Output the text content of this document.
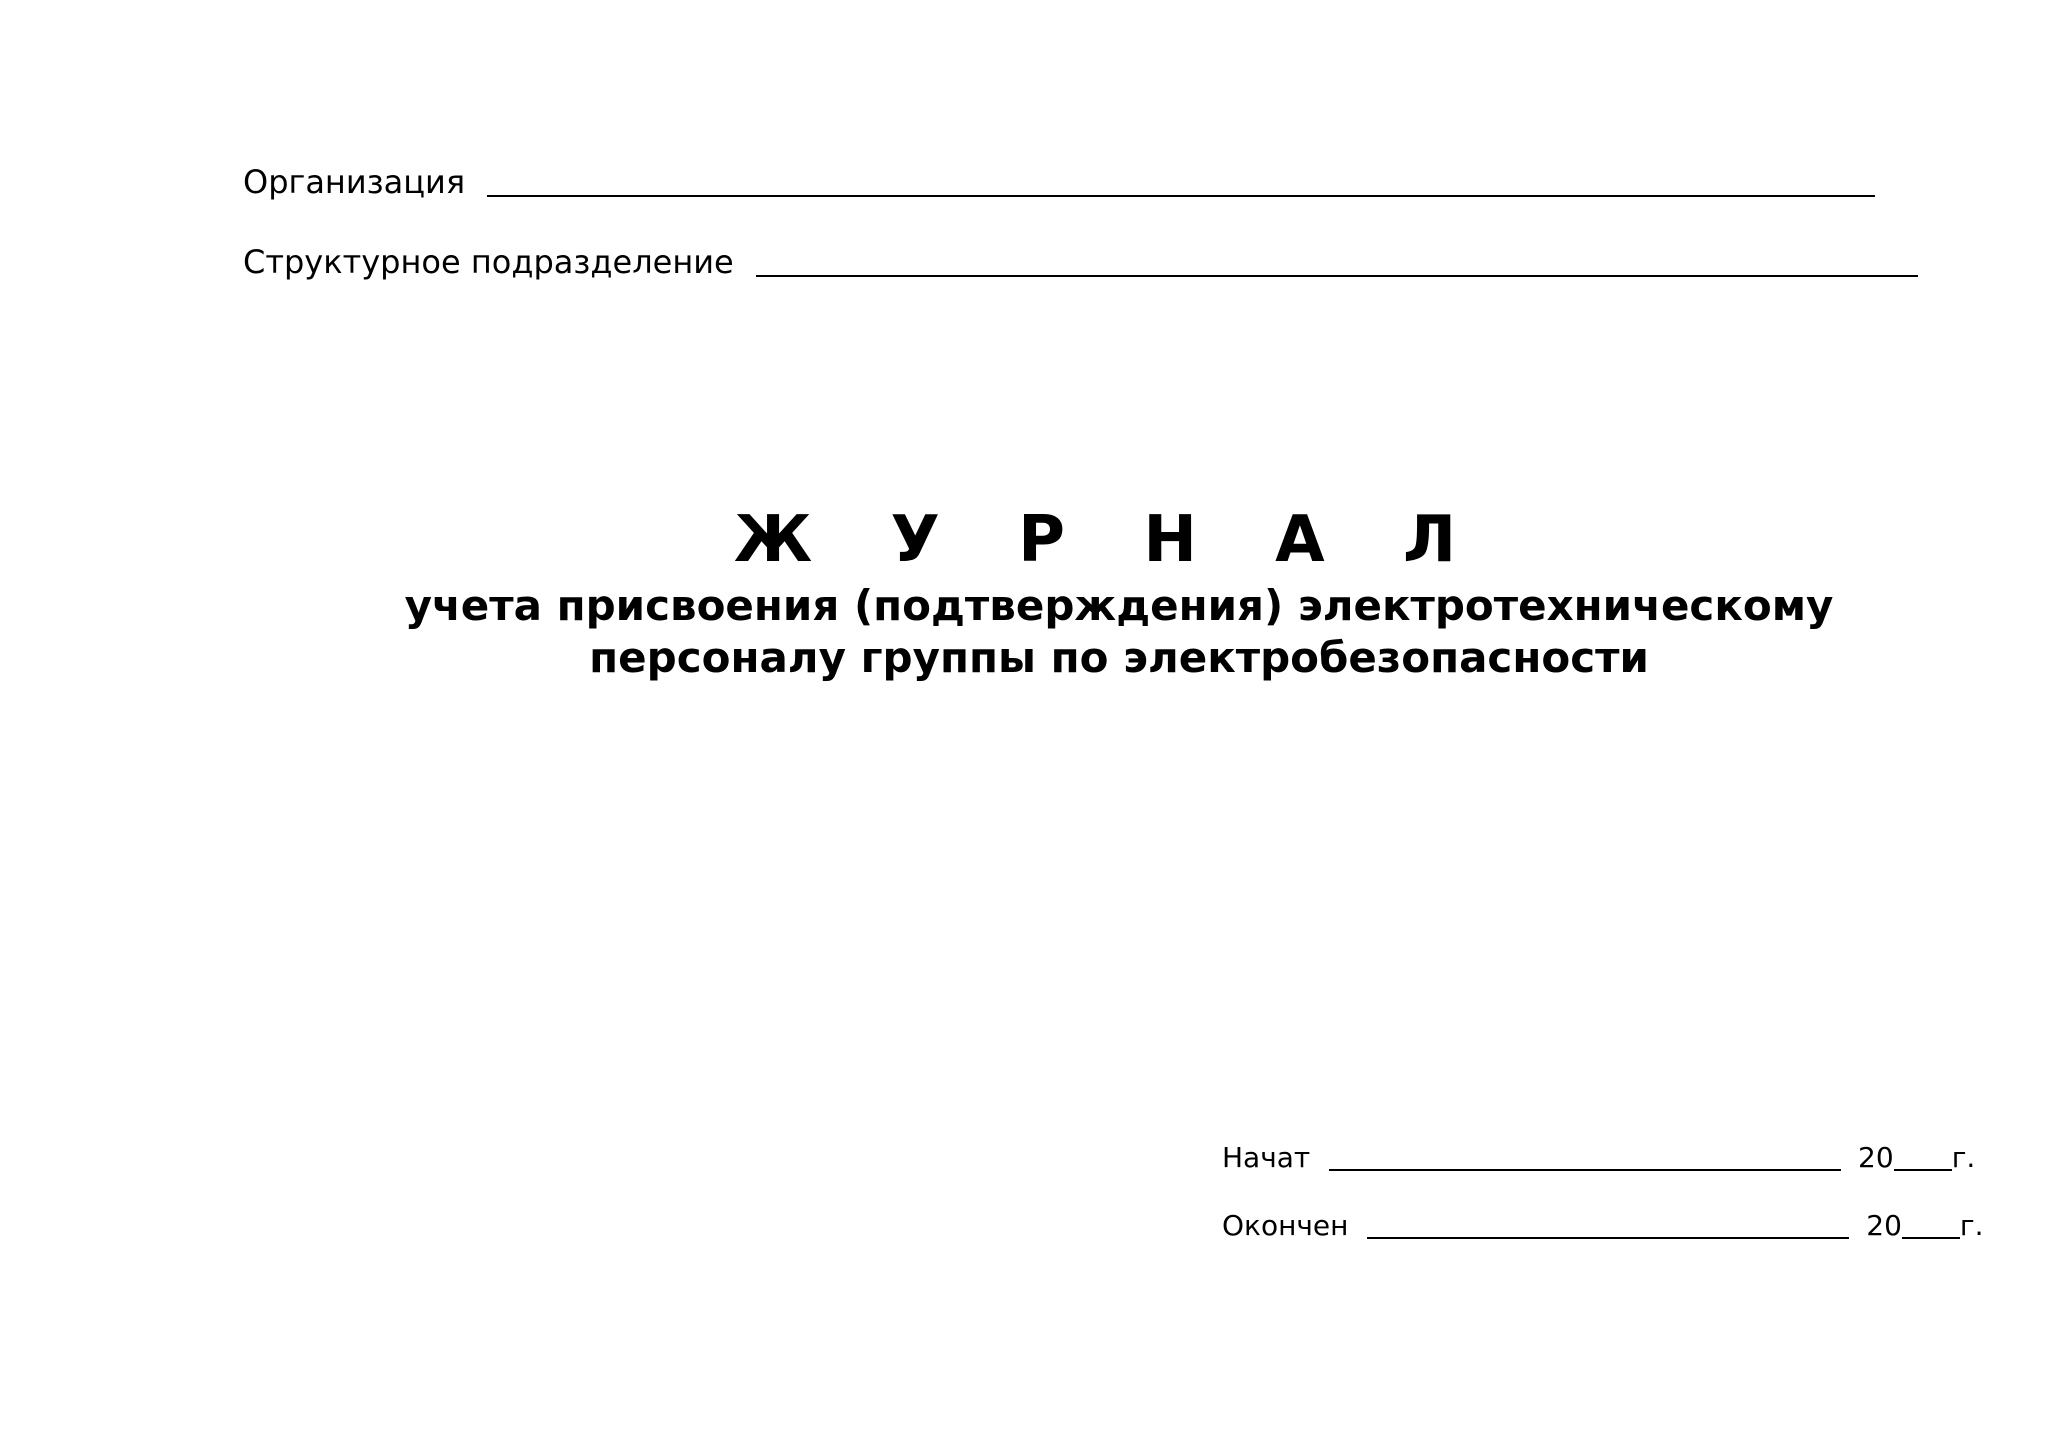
Организация
Структурное подразделение
Ж У Р Н А Л
учета присвоения (подтверждения) электротехническому
персоналу группы по электробезопасности
Начат	20 г.
Окончен	20 г.
